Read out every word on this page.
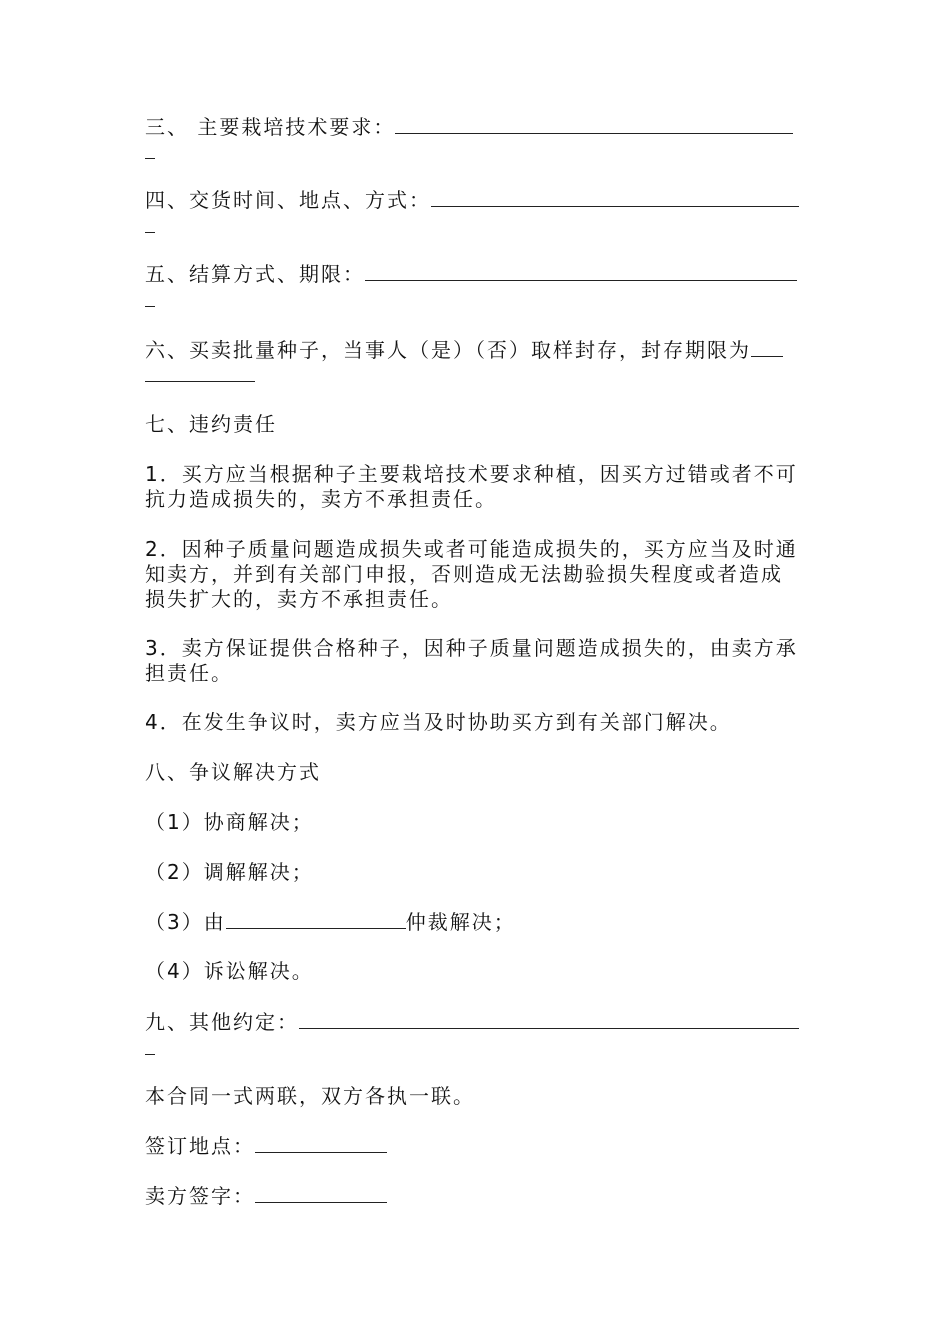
三、 主要栽培技术要求：
四、交货时间、地点、方式：
五、结算方式、期限：
六、买卖批量种子，当事人（是）（否）取样封存，封存期限为
七、违约责任
1．买方应当根据种子主要栽培技术要求种植，因买方过错或者不可
抗力造成损失的，卖方不承担责任。
2．因种子质量问题造成损失或者可能造成损失的，买方应当及时通
知卖方，并到有关部门申报，否则造成无法勘验损失程度或者造成
损失扩大的，卖方不承担责任。
3．卖方保证提供合格种子，因种子质量问题造成损失的，由卖方承
担责任。
4．在发生争议时，卖方应当及时协助买方到有关部门解决。
八、争议解决方式
（1）协商解决；
（2）调解解决；
（3）由	仲裁解决；
（4）诉讼解决。
九、其他约定：
本合同一式两联，双方各执一联。
签订地点：
卖方签字：
